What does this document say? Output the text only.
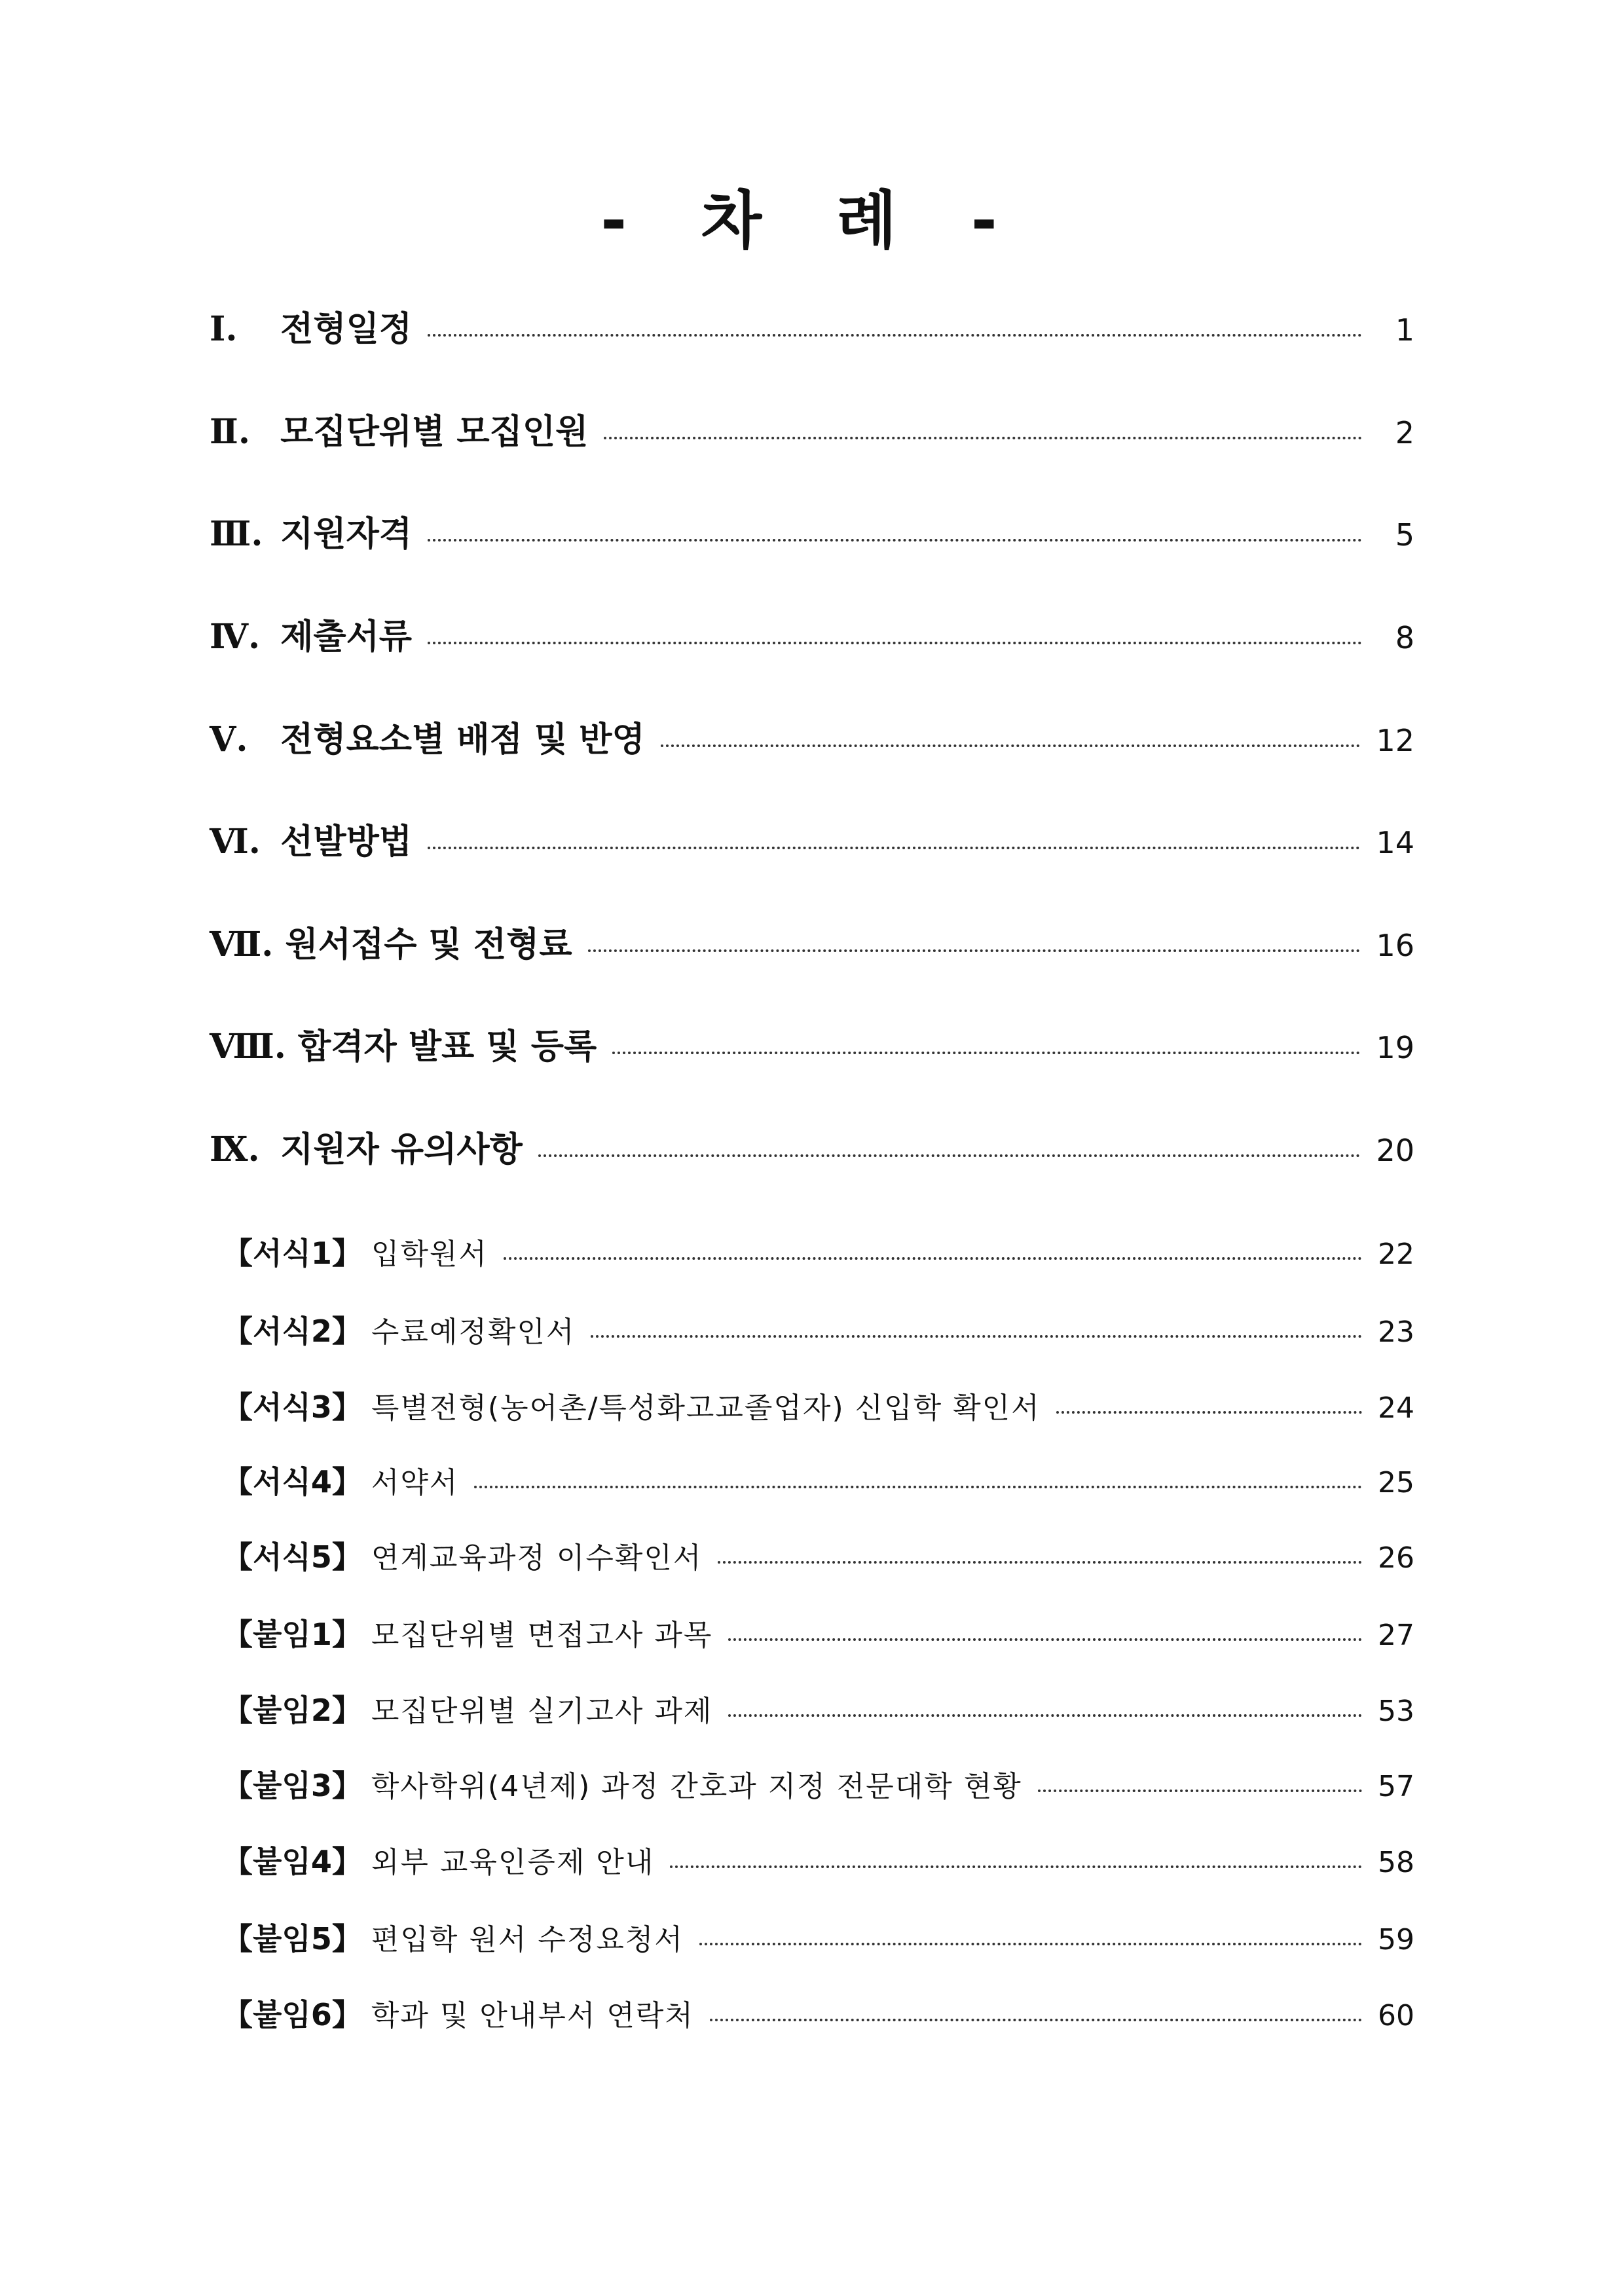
- 차 례 -
Ⅰ. 전형일정	1
Ⅱ. 모집단위별 모집인원	2
Ⅲ. 지원자격	5
Ⅳ. 제출서류	8
Ⅴ. 전형요소별 배점 및 반영	12
Ⅵ. 선발방법	14
Ⅶ. 원서접수 및 전형료	16
Ⅷ. 합격자 발표 및 등록	19
Ⅸ. 지원자 유의사항	20
【서식1】 입학원서	22
【서식2】 수료예정확인서	23
【서식3】 특별전형(농어촌/특성화고교졸업자) 신입학 확인서	24
【서식4】 서약서	25
【서식5】 연계교육과정 이수확인서	26
【붙임1】 모집단위별 면접고사 과목	27
【붙임2】 모집단위별 실기고사 과제	53
【붙임3】 학사학위(4년제) 과정 간호과 지정 전문대학 현황	57
【붙임4】 외부 교육인증제 안내	58
【붙임5】 편입학 원서 수정요청서	59
【붙임6】 학과 및 안내부서 연락처	60
